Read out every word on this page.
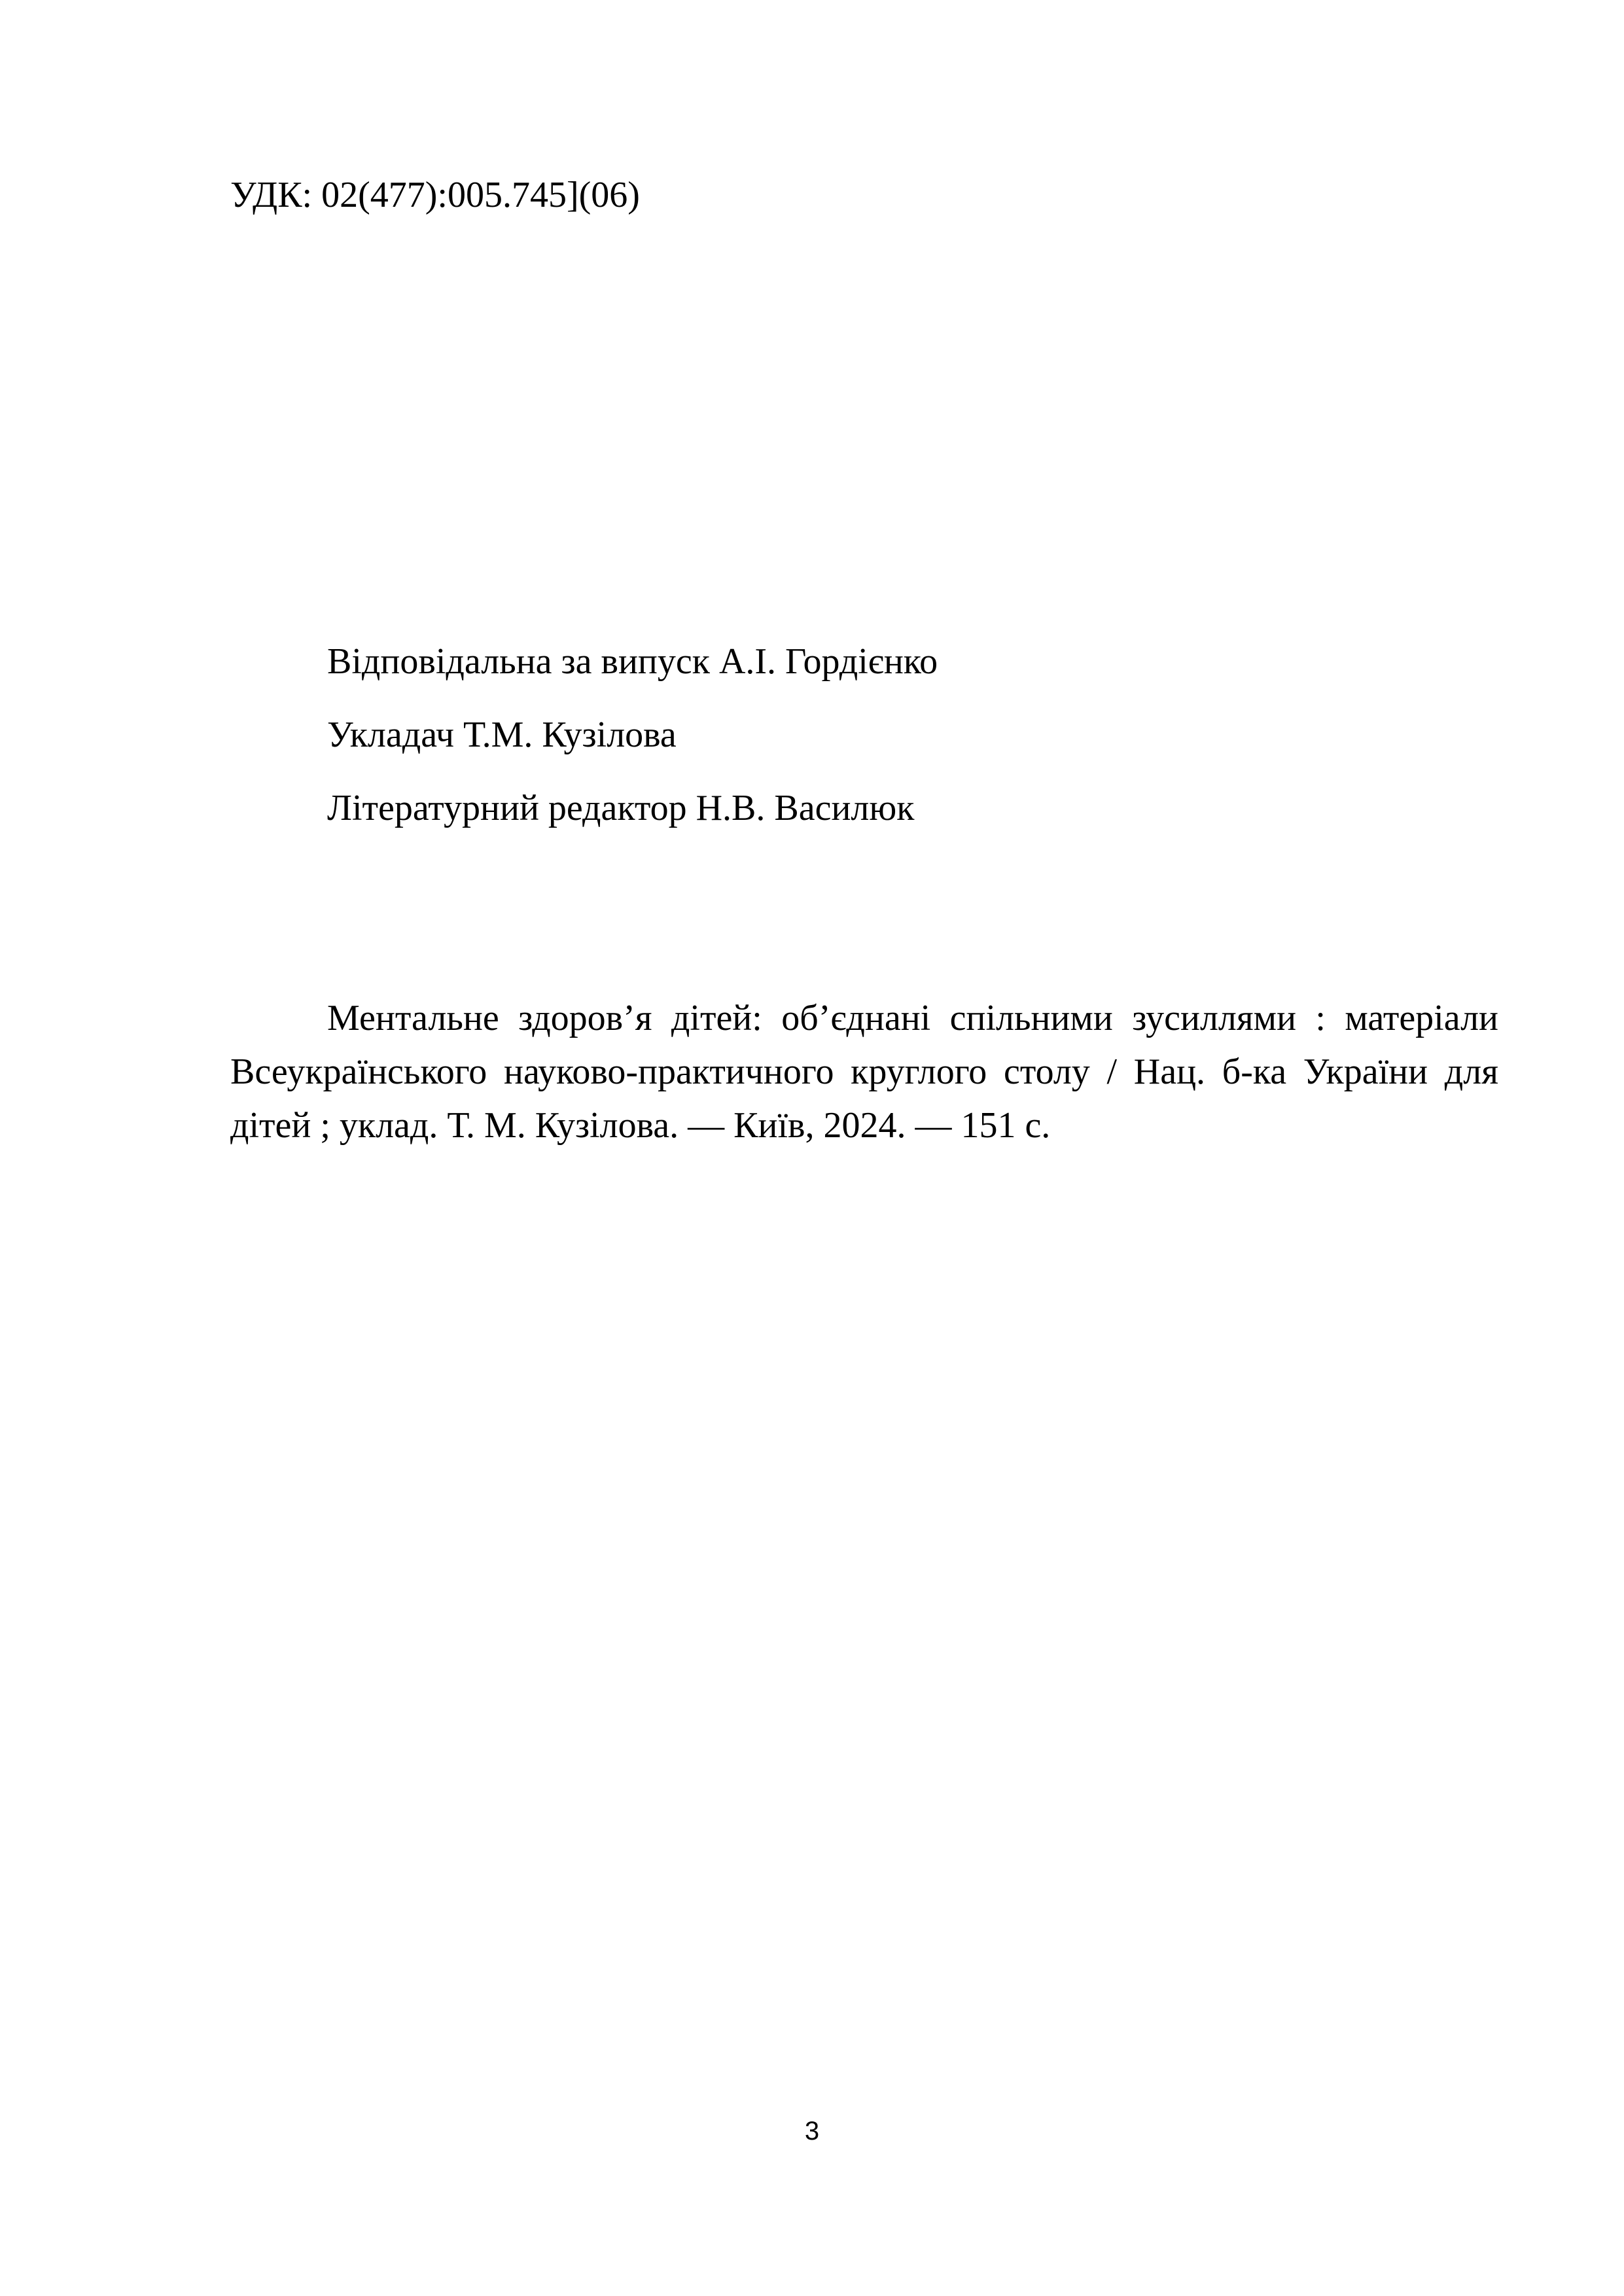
УДК: 02(477):005.745](06)
Відповідальна за випуск А.І. Гордієнко
Укладач Т.М. Кузілова
Літературний редактор Н.В. Василюк

Ментальне здоров’я дітей: об’єднані спільними зусиллями : матеріали Всеукраїнського науково-практичного круглого столу / Нац. б-ка України для дітей ; уклад. Т. М. Кузілова. — Київ, 2024. — 151 с.

3
